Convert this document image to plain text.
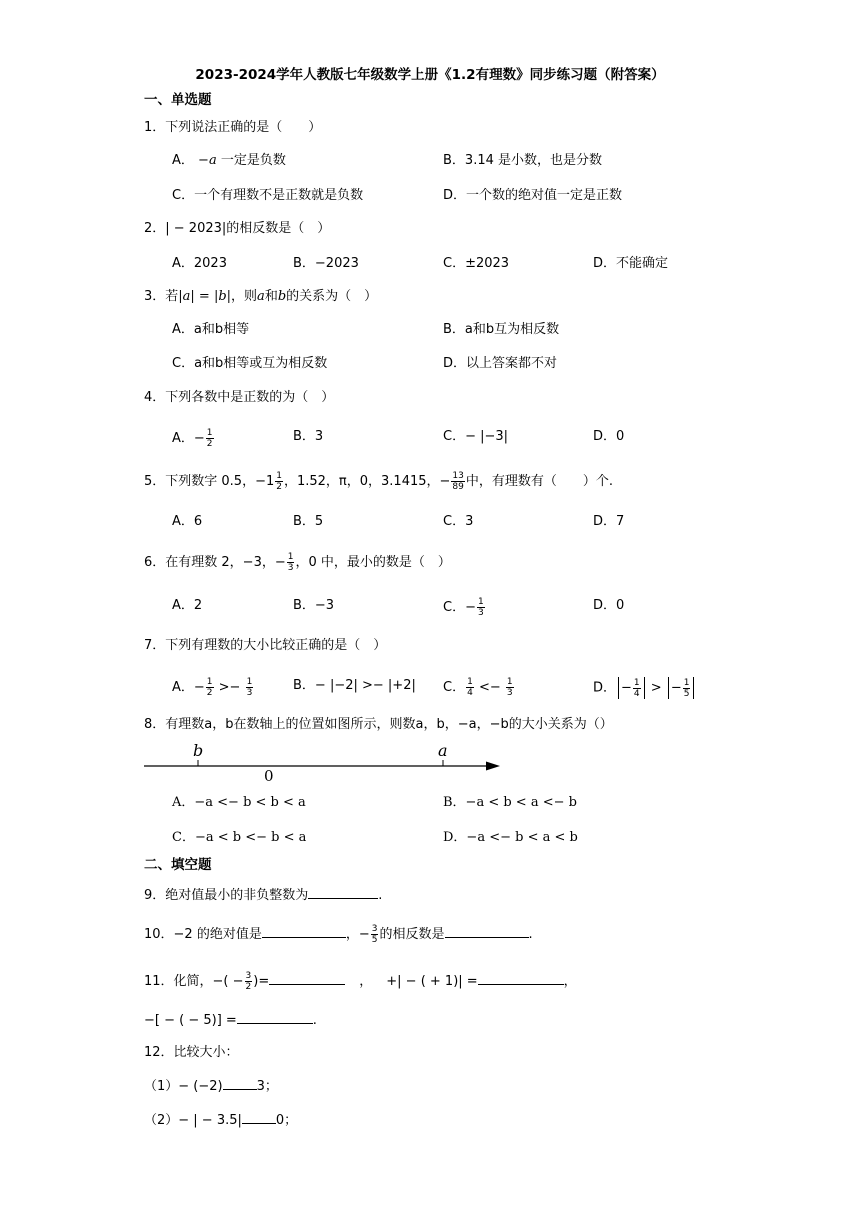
2023-2024学年人教版七年级数学上册《1.2有理数》同步练习题（附答案）
一、单选题
1．下列说法正确的是（　　）
A． −a 一定是负数	B．3.14 是小数，也是分数
C．一个有理数不是正数就是负数	D．一个数的绝对值一定是正数
2．| − 2023|的相反数是（　）
A．2023	B．−2023	C．±2023	D．不能确定
3．若|a| = |b|，则a和b的关系为（　）
A．a和b相等	B．a和b互为相反数
C．a和b相等或互为相反数	D．以上答案都不对
4．下列各数中是正数的为（　）
A．− $\frac{1}{2}$	B．3	C．− |−3|	D．0
5．下列数字 0.5，$-1 \frac{1}{2}$ ，1.52，π，0，3.1415，− $\frac{13}{89}$ 中，有理数有（　　）个.
A．6	B．5	C．3	D．7
6．在有理数 2，−3，− $\frac{1}{3}$ ，0 中，最小的数是（　）
A．2	B．−3	C．− $\frac{1}{3}$	D．0
7．下列有理数的大小比较正确的是（　）
A．− $\frac{1}{2} >- \frac{1}{3}$	B．− |−2| >− |+2| C． $\frac{1}{4} <- \frac{1}{3}$	D． − $\frac{1}{4}$ > − $\frac{1}{5}$
8．有理数a，b在数轴上的位置如图所示，则数a，b，−a，−b的大小关系为（）
b
0
a
A．−a <− b < b < a	B．−a < b < a <− b
C．−a < b <− b < a	D．−a <− b < a < b
二、填空题
9．绝对值最小的非负整数为	.
10．−2 的绝对值是	，− $\frac{3}{5}$ 的相反数是	.
11．化简，−( − $\frac{3}{2}$ )=	， +| − ( + 1)| =	，
−[ − ( − 5)] =	.
12．比较大小：
（1）− (−2)	3；
（2）− | − 3.5|	0；
